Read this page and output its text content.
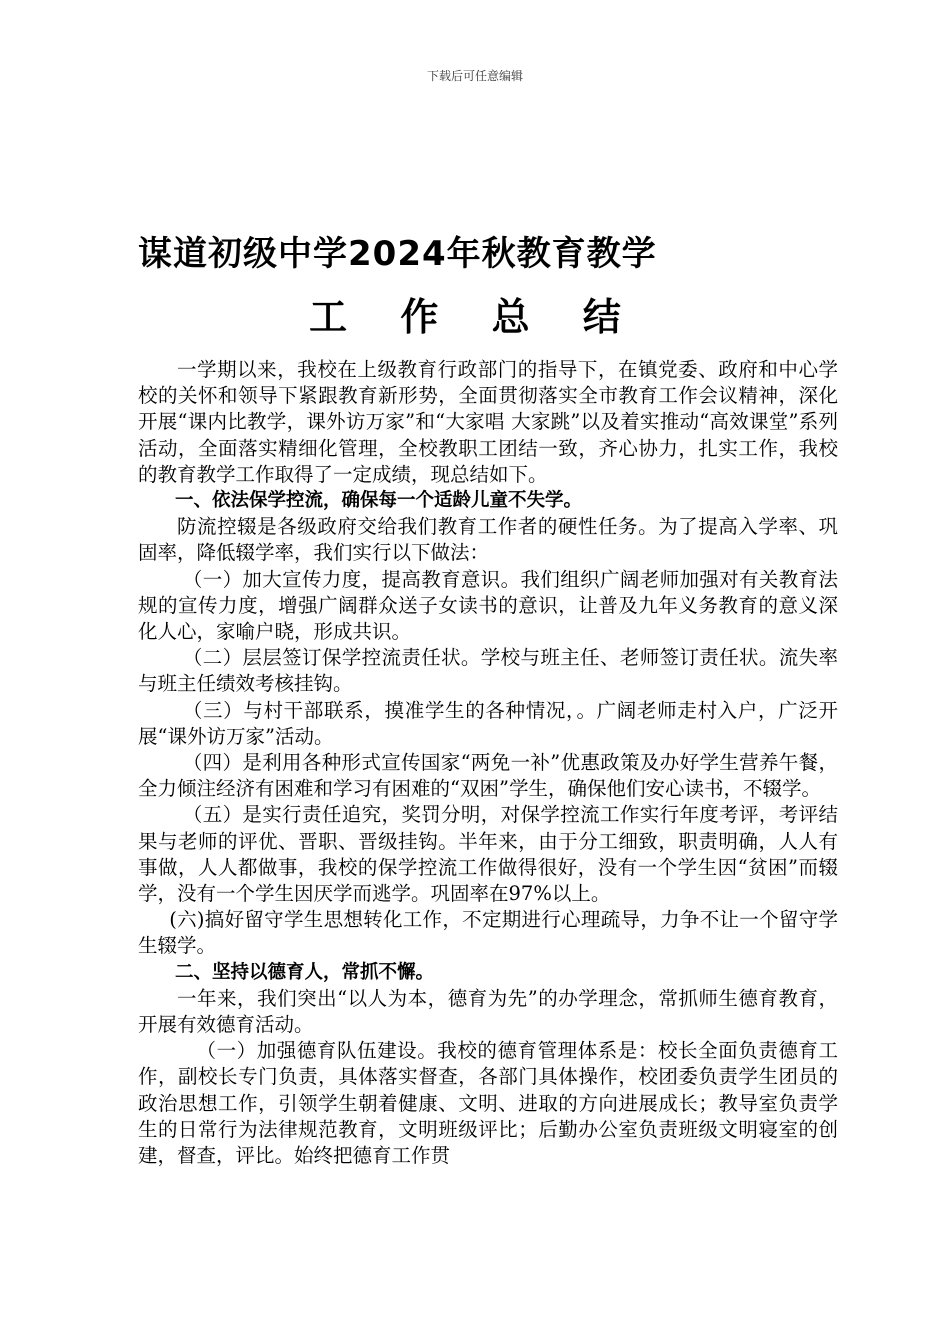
下载后可任意编辑
谋道初级中学2024年秋教育教学
工 作 总 结

一学期以来，我校在上级教育行政部门的指导下，在镇党委、政府和中心学校的关怀和领导下紧跟教育新形势，全面贯彻落实全市教育工作会议精神，深化开展“课内比教学，课外访万家”和“大家唱 大家跳”以及着实推动“高效课堂”系列活动，全面落实精细化管理，全校教职工团结一致，齐心协力，扎实工作，我校的教育教学工作取得了一定成绩，现总结如下。

一、依法保学控流，确保每一个适龄儿童不失学。

防流控辍是各级政府交给我们教育工作者的硬性任务。为了提高入学率、巩固率，降低辍学率，我们实行以下做法：

（一）加大宣传力度，提高教育意识。我们组织广阔老师加强对有关教育法规的宣传力度，增强广阔群众送子女读书的意识，让普及九年义务教育的意义深化人心，家喻户晓，形成共识。

（二）层层签订保学控流责任状。学校与班主任、老师签订责任状。流失率与班主任绩效考核挂钩。

（三）与村干部联系，摸准学生的各种情况，。广阔老师走村入户，广泛开展“课外访万家”活动。

（四）是利用各种形式宣传国家“两免一补”优惠政策及办好学生营养午餐，全力倾注经济有困难和学习有困难的“双困”学生，确保他们安心读书，不辍学。

（五）是实行责任追究，奖罚分明，对保学控流工作实行年度考评，考评结果与老师的评优、晋职、晋级挂钩。半年来，由于分工细致，职责明确，人人有事做，人人都做事，我校的保学控流工作做得很好，没有一个学生因“贫困”而辍学，没有一个学生因厌学而逃学。巩固率在97%以上。

(六)搞好留守学生思想转化工作，不定期进行心理疏导，力争不让一个留守学生辍学。

二、坚持以德育人，常抓不懈。

一年来，我们突出“以人为本，德育为先”的办学理念，常抓师生德育教育，开展有效德育活动。

（一）加强德育队伍建设。我校的德育管理体系是：校长全面负责德育工作，副校长专门负责，具体落实督查，各部门具体操作，校团委负责学生团员的政治思想工作，引领学生朝着健康、文明、进取的方向进展成长；教导室负责学生的日常行为法律规范教育，文明班级评比；后勤办公室负责班级文明寝室的创建，督查，评比。始终把德育工作贯
